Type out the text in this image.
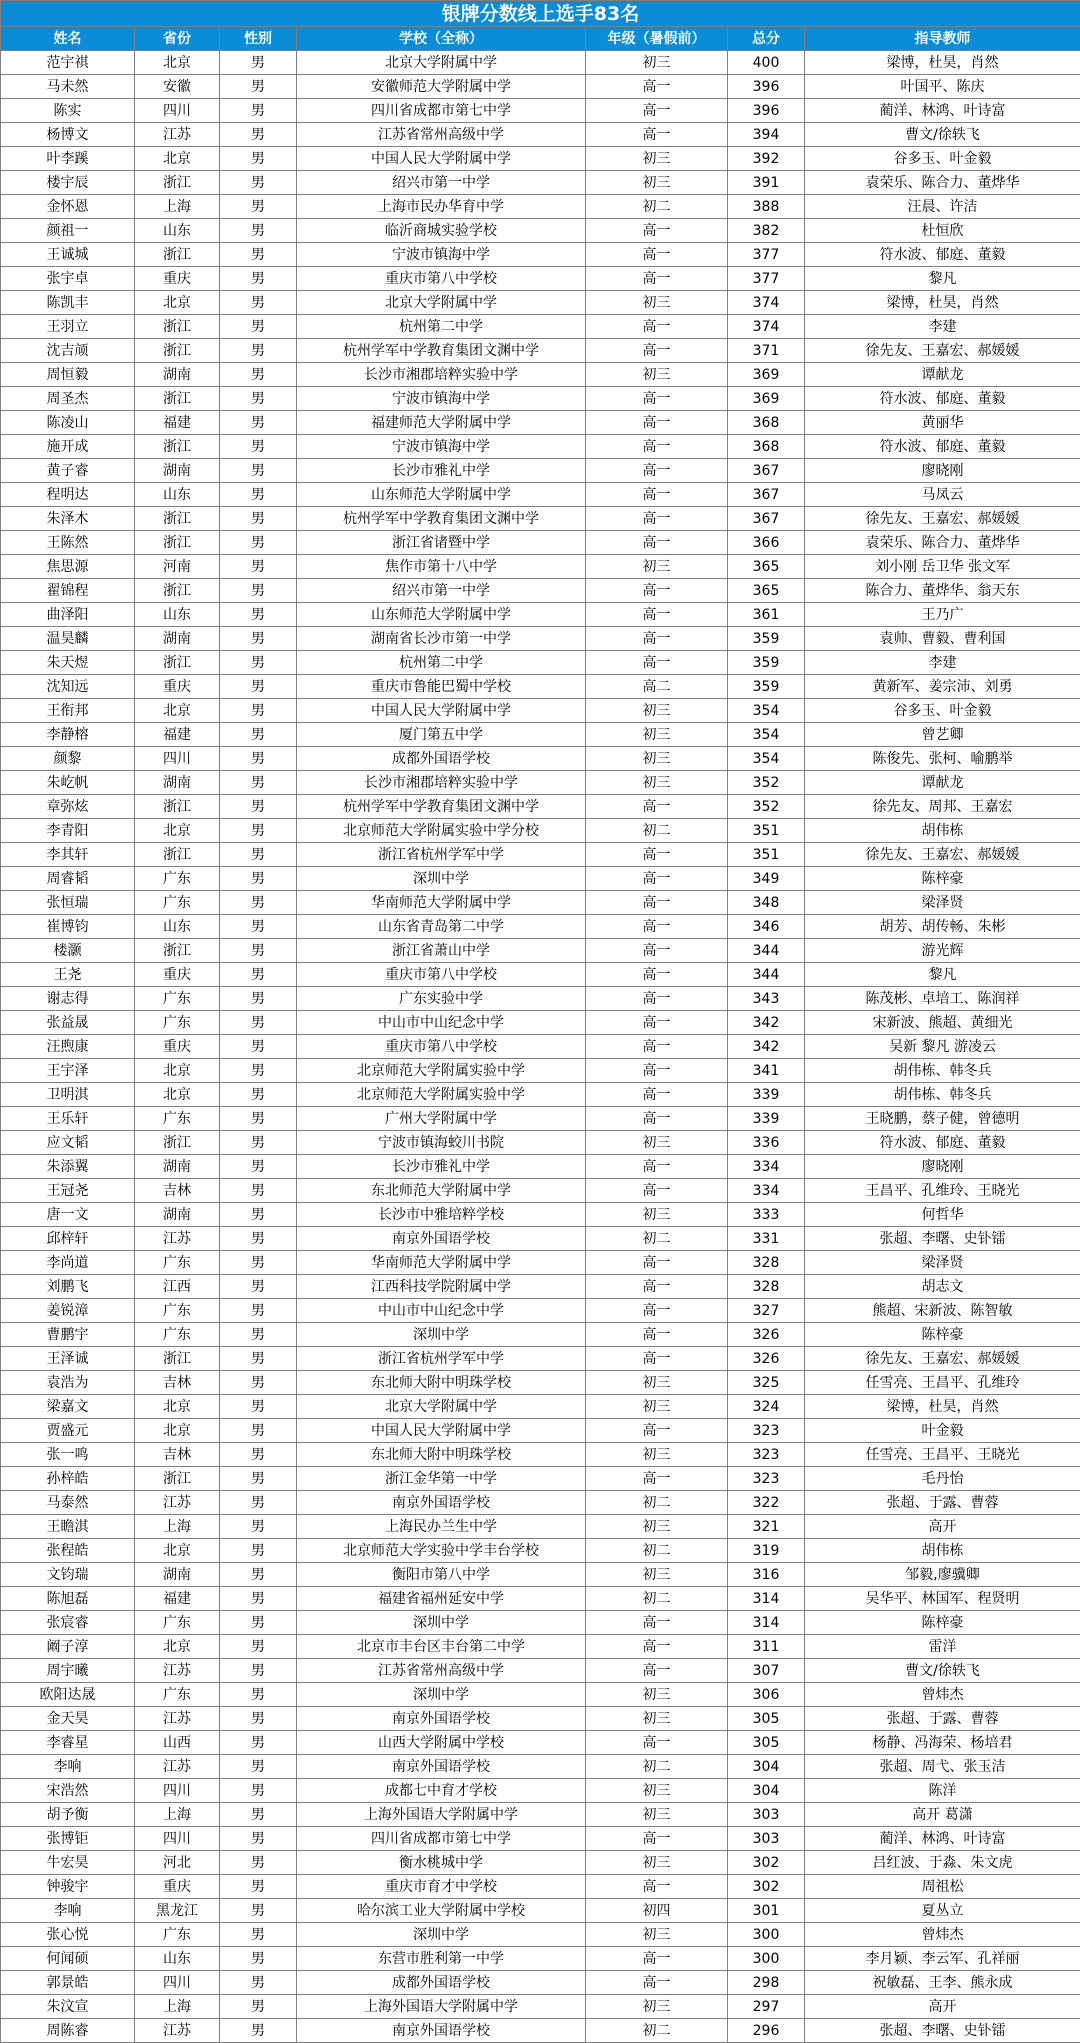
银牌分数线上选手83名						
姓名	省份	性别	学校（全称）	年级（暑假前）	总分	指导教师
范宇祺	北京	男	北京大学附属中学	初三	400	梁博，杜昊，肖然
马未然	安徽	男	安徽师范大学附属中学	高一	396	叶国平、陈庆
陈实	四川	男	四川省成都市第七中学	高一	396	蔺洋、林鸿、叶诗富
杨博文	江苏	男	江苏省常州高级中学	高一	394	曹文/徐轶飞
叶李蹊	北京	男	中国人民大学附属中学	初三	392	谷多玉、叶金毅
楼宇辰	浙江	男	绍兴市第一中学	初三	391	袁荣乐、陈合力、董烨华
金怀恩	上海	男	上海市民办华育中学	初二	388	汪晨、许洁
颜祖一	山东	男	临沂商城实验学校	高一	382	杜恒欣
王诚城	浙江	男	宁波市镇海中学	高一	377	符水波、郁庭、董毅
张宇卓	重庆	男	重庆市第八中学校	高一	377	黎凡
陈凯丰	北京	男	北京大学附属中学	初三	374	梁博，杜昊，肖然
王羽立	浙江	男	杭州第二中学	高一	374	李建
沈吉颃	浙江	男	杭州学军中学教育集团文渊中学	高一	371	徐先友、王嘉宏、郝媛媛
周恒毅	湖南	男	长沙市湘郡培粹实验中学	初三	369	谭献龙
周圣杰	浙江	男	宁波市镇海中学	高一	369	符水波、郁庭、董毅
陈凌山	福建	男	福建师范大学附属中学	高一	368	黄丽华
施开成	浙江	男	宁波市镇海中学	高一	368	符水波、郁庭、董毅
黄子睿	湖南	男	长沙市雅礼中学	高一	367	廖晓刚
程明达	山东	男	山东师范大学附属中学	高一	367	马凤云
朱泽木	浙江	男	杭州学军中学教育集团文渊中学	高一	367	徐先友、王嘉宏、郝媛媛
王陈然	浙江	男	浙江省诸暨中学	高一	366	袁荣乐、陈合力、董烨华
焦思源	河南	男	焦作市第十八中学	初三	365	刘小刚 岳卫华 张文军
翟锦程	浙江	男	绍兴市第一中学	高一	365	陈合力、董烨华、翁天东
曲泽阳	山东	男	山东师范大学附属中学	高一	361	王乃广
温昊麟	湖南	男	湖南省长沙市第一中学	高一	359	袁帅、曹毅、曹利国
朱天煜	浙江	男	杭州第二中学	高一	359	李建
沈知远	重庆	男	重庆市鲁能巴蜀中学校	高二	359	黄新军、姜宗沛、刘勇
王衔邦	北京	男	中国人民大学附属中学	初三	354	谷多玉、叶金毅
李静榕	福建	男	厦门第五中学	初三	354	曾艺卿
颜黎	四川	男	成都外国语学校	初三	354	陈俊先、张柯、喻鹏举
朱屹帆	湖南	男	长沙市湘郡培粹实验中学	初三	352	谭献龙
章弥炫	浙江	男	杭州学军中学教育集团文渊中学	高一	352	徐先友、周邦、王嘉宏
李青阳	北京	男	北京师范大学附属实验中学分校	初二	351	胡伟栋
李其轩	浙江	男	浙江省杭州学军中学	高一	351	徐先友、王嘉宏、郝媛媛
周睿韬	广东	男	深圳中学	高一	349	陈梓豪
张恒瑞	广东	男	华南师范大学附属中学	高一	348	梁泽贤
崔博钧	山东	男	山东省青岛第二中学	高一	346	胡芳、胡传畅、朱彬
楼灏	浙江	男	浙江省萧山中学	高一	344	游光辉
王尧	重庆	男	重庆市第八中学校	高一	344	黎凡
谢志得	广东	男	广东实验中学	高一	343	陈茂彬、卓培工、陈润祥
张益晟	广东	男	中山市中山纪念中学	高一	342	宋新波、熊超、黄细光
汪煦康	重庆	男	重庆市第八中学校	高一	342	吴新 黎凡 游凌云
王宇泽	北京	男	北京师范大学附属实验中学	高一	341	胡伟栋、韩冬兵
卫明淇	北京	男	北京师范大学附属实验中学	高一	339	胡伟栋、韩冬兵
王乐轩	广东	男	广州大学附属中学	高一	339	王晓鹏，蔡子健，曾德明
应文韬	浙江	男	宁波市镇海蛟川书院	初三	336	符水波、郁庭、董毅
朱添翼	湖南	男	长沙市雅礼中学	高一	334	廖晓刚
王冠尧	吉林	男	东北师范大学附属中学	高一	334	王昌平、孔维玲、王晓光
唐一文	湖南	男	长沙市中雅培粹学校	初三	333	何哲华
邱梓轩	江苏	男	南京外国语学校	初二	331	张超、李曙、史钋镭
李尚道	广东	男	华南师范大学附属中学	高一	328	梁泽贤
刘鹏飞	江西	男	江西科技学院附属中学	高一	328	胡志文
姜锐漳	广东	男	中山市中山纪念中学	高一	327	熊超、宋新波、陈智敏
曹鹏宇	广东	男	深圳中学	高一	326	陈梓豪
王泽诚	浙江	男	浙江省杭州学军中学	高一	326	徐先友、王嘉宏、郝媛媛
袁浩为	吉林	男	东北师大附中明珠学校	初三	325	任雪亮、王昌平、孔维玲
梁嘉文	北京	男	北京大学附属中学	初三	324	梁博，杜昊，肖然
贾盛元	北京	男	中国人民大学附属中学	高一	323	叶金毅
张一鸣	吉林	男	东北师大附中明珠学校	初三	323	任雪亮、王昌平、王晓光
孙梓皓	浙江	男	浙江金华第一中学	高一	323	毛丹怡
马泰然	江苏	男	南京外国语学校	初二	322	张超、于露、曹蓉
王瞻淇	上海	男	上海民办兰生中学	初三	321	高开
张程皓	北京	男	北京师范大学实验中学丰台学校	初二	319	胡伟栋
文钧瑞	湖南	男	衡阳市第八中学	初三	316	邹毅,廖骥卿
陈旭磊	福建	男	福建省福州延安中学	初二	314	吴华平、林国军、程贤明
张宸睿	广东	男	深圳中学	高一	314	陈梓豪
阚子淳	北京	男	北京市丰台区丰台第二中学	高一	311	雷洋
周宇曦	江苏	男	江苏省常州高级中学	高一	307	曹文/徐轶飞
欧阳达晟	广东	男	深圳中学	初三	306	曾炜杰
金天昊	江苏	男	南京外国语学校	初三	305	张超、于露、曹蓉
李睿星	山西	男	山西大学附属中学校	高一	305	杨静、冯海荣、杨培君
李响	江苏	男	南京外国语学校	初二	304	张超、周弋、张玉洁
宋浩然	四川	男	成都七中育才学校	初三	304	陈洋
胡予衡	上海	男	上海外国语大学附属中学	初三	303	高开 葛潇
张博钜	四川	男	四川省成都市第七中学	高一	303	蔺洋、林鸿、叶诗富
牛宏昊	河北	男	衡水桃城中学	初三	302	吕红波、于淼、朱文虎
钟骏宇	重庆	男	重庆市育才中学校	高一	302	周祖松
李响	黑龙江	男	哈尔滨工业大学附属中学校	初四	301	夏丛立
张心悦	广东	男	深圳中学	初三	300	曾炜杰
何闻硕	山东	男	东营市胜利第一中学	高一	300	李月颖、李云军、孔祥丽
郭景皓	四川	男	成都外国语学校	高一	298	祝敏磊、王李、熊永成
朱汶宣	上海	男	上海外国语大学附属中学	初三	297	高开
周陈睿	江苏	男	南京外国语学校	初二	296	张超、李曙、史钋镭
